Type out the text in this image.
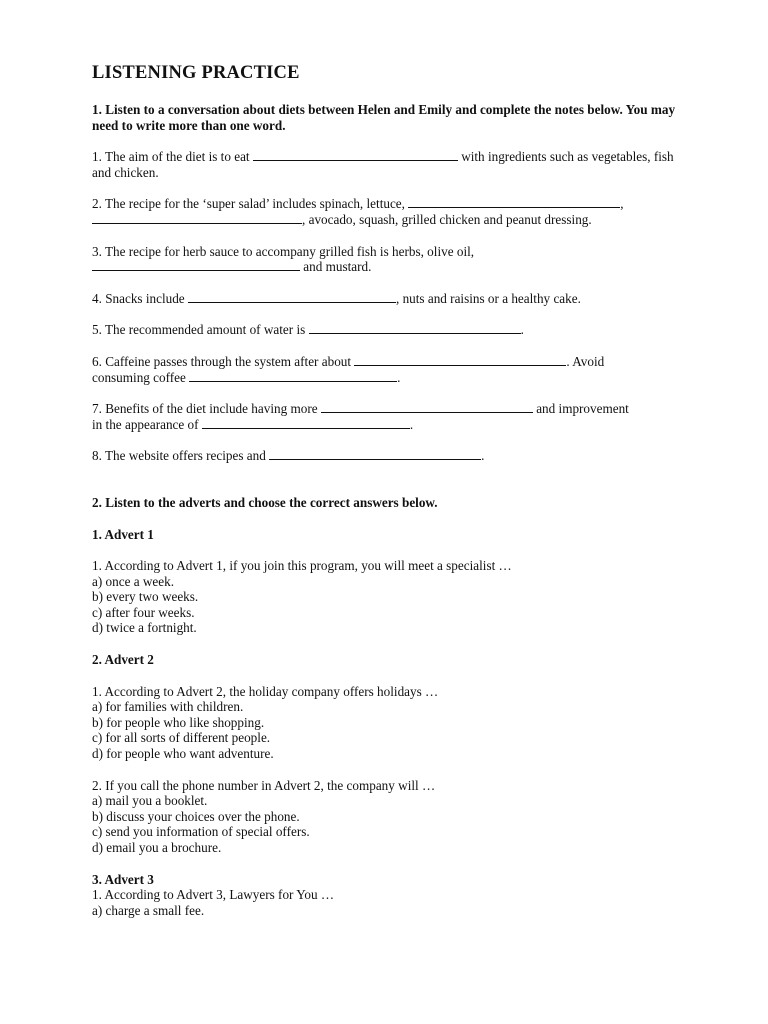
LISTENING PRACTICE

1. Listen to a conversation about diets between Helen and Emily and complete the notes below. You may need to write more than one word.

1. The aim of the diet is to eat	with ingredients such as vegetables, fish and chicken.

2. The recipe for the ‘super salad’ includes spinach, lettuce,	,
, avocado, squash, grilled chicken and peanut dressing.

3. The recipe for herb sauce to accompany grilled fish is herbs, olive oil,
and mustard.

4. Snacks include	, nuts and raisins or a healthy cake.

5. The recommended amount of water is	.

6. Caffeine passes through the system after about	. Avoid
consuming coffee	.

7. Benefits of the diet include having more	and improvement
in the appearance of	.

8. The website offers recipes and	.

2. Listen to the adverts and choose the correct answers below.

1. Advert 1

1. According to Advert 1, if you join this program, you will meet a specialist …

a) once a week.

b) every two weeks.

c) after four weeks.

d) twice a fortnight.

2. Advert 2

1. According to Advert 2, the holiday company offers holidays …

a) for families with children.

b) for people who like shopping.

c) for all sorts of different people.

d) for people who want adventure.

2. If you call the phone number in Advert 2, the company will …

a) mail you a booklet.

b) discuss your choices over the phone.

c) send you information of special offers.

d) email you a brochure.

3. Advert 3

1. According to Advert 3, Lawyers for You …

a) charge a small fee.
